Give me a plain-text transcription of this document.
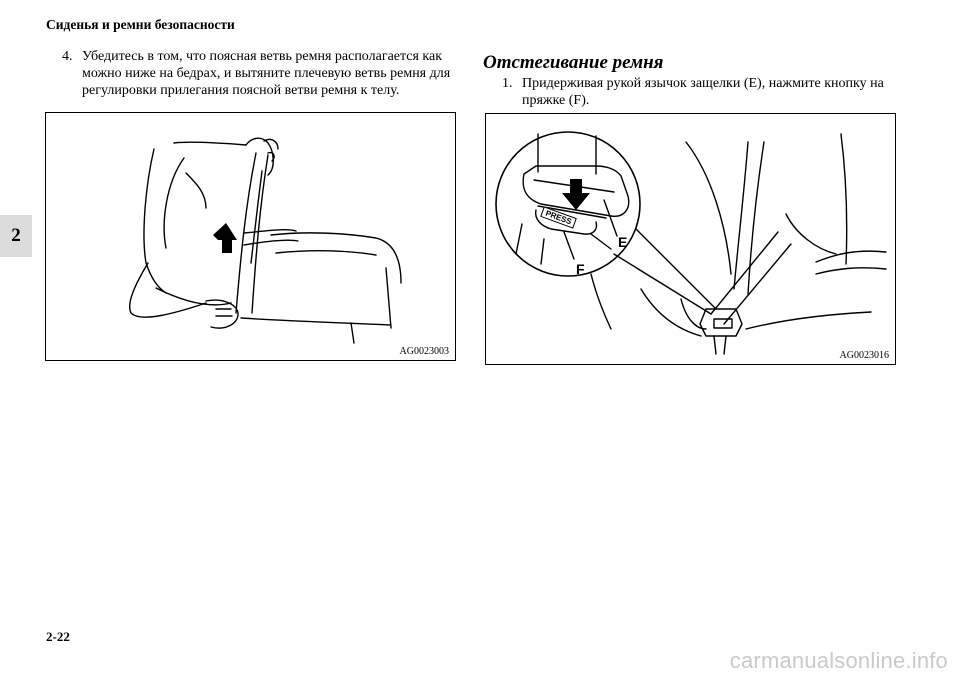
Сиденья и ремни безопасности
2
4. Убедитесь в том, что поясная ветвь ремня располагается как можно ниже на бедрах, и вытяните плечевую ветвь ремня для регулировки прилегания поясной ветви ремня к телу.
AG0023003
Отстегивание ремня
1. Придерживая рукой язычок защелки (E), нажмите кнопку на пряжке (F).
PRESS
E
F
AG0023016
2-22
carmanualsonline.info
